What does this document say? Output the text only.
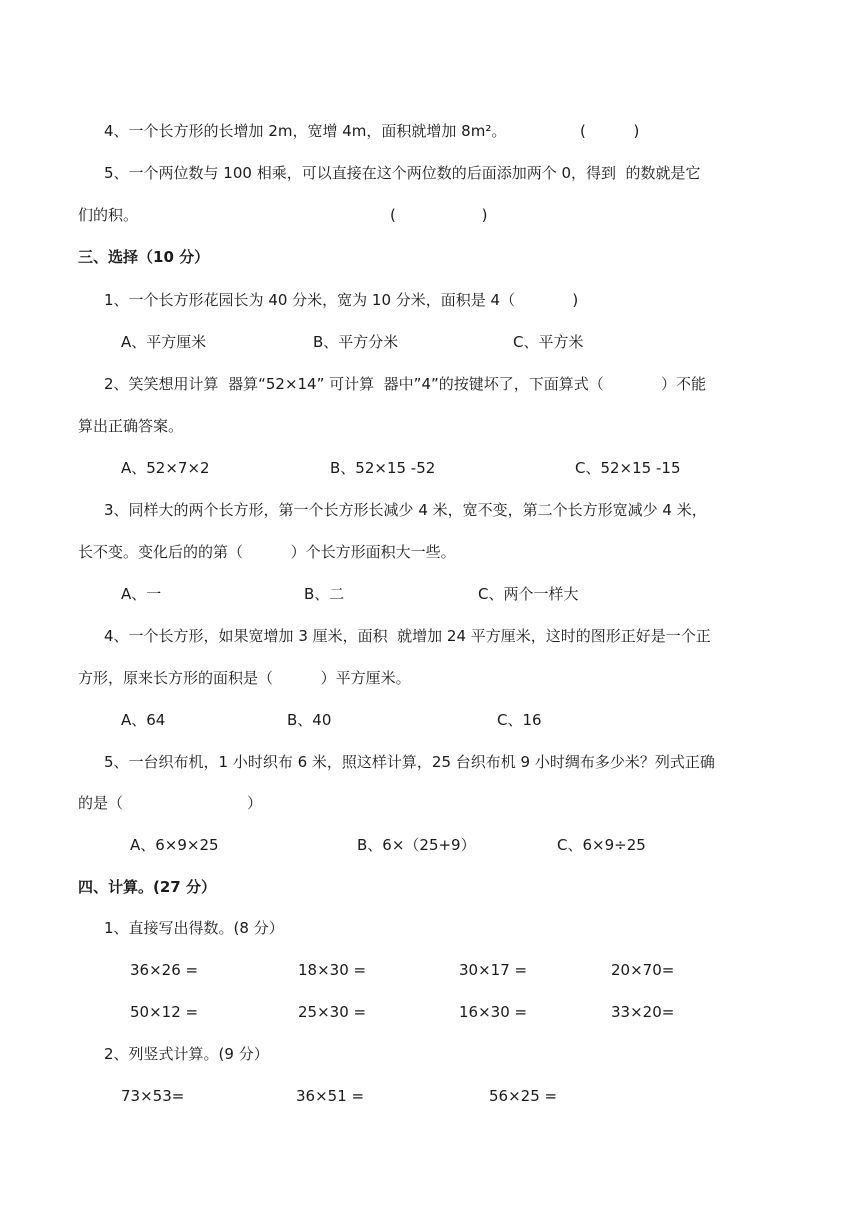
4、一个长方形的长增加 2m，宽增 4m，面积就增加 8m²。	(          )
5、一个两位数与 100 相乘，可以直接在这个两位数的后面添加两个 0，得到  的数就是它
们的积。	(                  )
三、选择（10 分）
1、一个长方形花园长为 40 分米，宽为 10 分米，面积是 4（            )
A、平方厘米	B、平方分米	C、平方米
2、笑笑想用计算  器算“52×14” 可计算  器中”4”的按键坏了，下面算式（            ）不能
算出正确答案。
A、52×7×2	B、52×15 -52	C、52×15 -15
3、同样大的两个长方形，第一个长方形长减少 4 米，宽不变，第二个长方形宽减少 4 米，
长不变。变化后的的第（          ）个长方形面积大一些。
A、一	B、二	C、两个一样大
4、一个长方形，如果宽增加 3 厘米，面积  就增加 24 平方厘米，这时的图形正好是一个正
方形，原来长方形的面积是（          ）平方厘米。
A、64	B、40	C、16
5、一台织布机，1 小时织布 6 米，照这样计算，25 台织布机 9 小时绸布多少米？列式正确
的是（                          ）
A、6×9×25	B、6×（25+9）	C、6×9÷25
四、计算。(27 分）
1、直接写出得数。(8 分）
36×26 =	18×30 =	30×17 =	20×70=
50×12 =	25×30 =	16×30 =	33×20=
2、列竖式计算。(9 分）
73×53=	36×51 =	56×25 =
